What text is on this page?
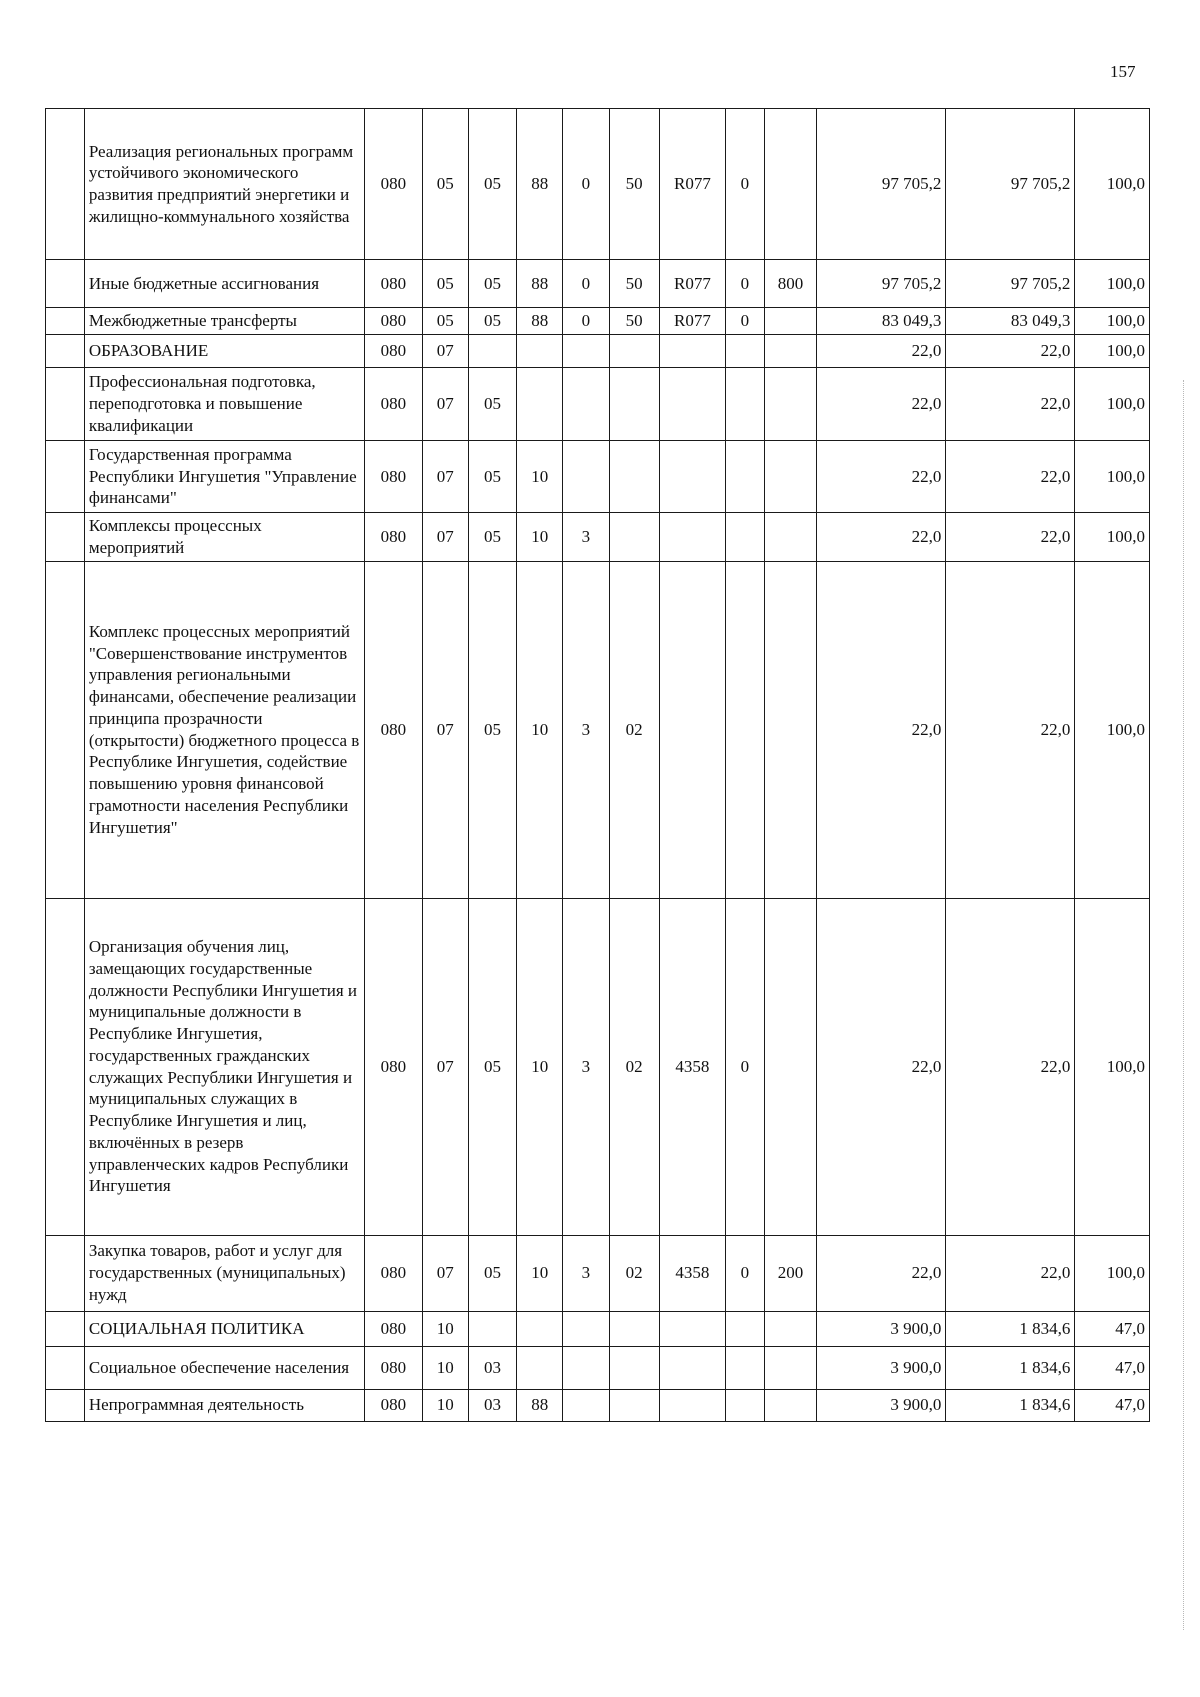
157
	Реализация региональных программ устойчивого экономического развития предприятий энергетики и жилищно-коммунального хозяйства	080	05	05	88	0	50	R077	0		97 705,2	97 705,2	100,0
	Иные бюджетные ассигнования	080	05	05	88	0	50	R077	0	800	97 705,2	97 705,2	100,0
	Межбюджетные трансферты	080	05	05	88	0	50	R077	0		83 049,3	83 049,3	100,0
	ОБРАЗОВАНИЕ	080	07								22,0	22,0	100,0
	Профессиональная подготовка, переподготовка и повышение квалификации	080	07	05							22,0	22,0	100,0
	Государственная программа Республики Ингушетия "Управление финансами"	080	07	05	10						22,0	22,0	100,0
	Комплексы процессных мероприятий	080	07	05	10	3					22,0	22,0	100,0
	Комплекс процессных мероприятий "Совершенствование инструментов управления региональными финансами, обеспечение реализации принципа прозрачности (открытости) бюджетного процесса в Республике Ингушетия, содействие повышению уровня финансовой грамотности населения Республики Ингушетия"	080	07	05	10	3	02				22,0	22,0	100,0
	Организация обучения лиц, замещающих государственные должности Республики Ингушетия и муниципальные должности в Республике Ингушетия, государственных гражданских служащих Республики Ингушетия и муниципальных служащих в Республике Ингушетия и лиц, включённых в резерв управленческих кадров Республики Ингушетия	080	07	05	10	3	02	4358	0		22,0	22,0	100,0
	Закупка товаров, работ и услуг для государственных (муниципальных) нужд	080	07	05	10	3	02	4358	0	200	22,0	22,0	100,0
	СОЦИАЛЬНАЯ ПОЛИТИКА	080	10								3 900,0	1 834,6	47,0
	Социальное обеспечение населения	080	10	03							3 900,0	1 834,6	47,0
	Непрограммная деятельность	080	10	03	88						3 900,0	1 834,6	47,0
